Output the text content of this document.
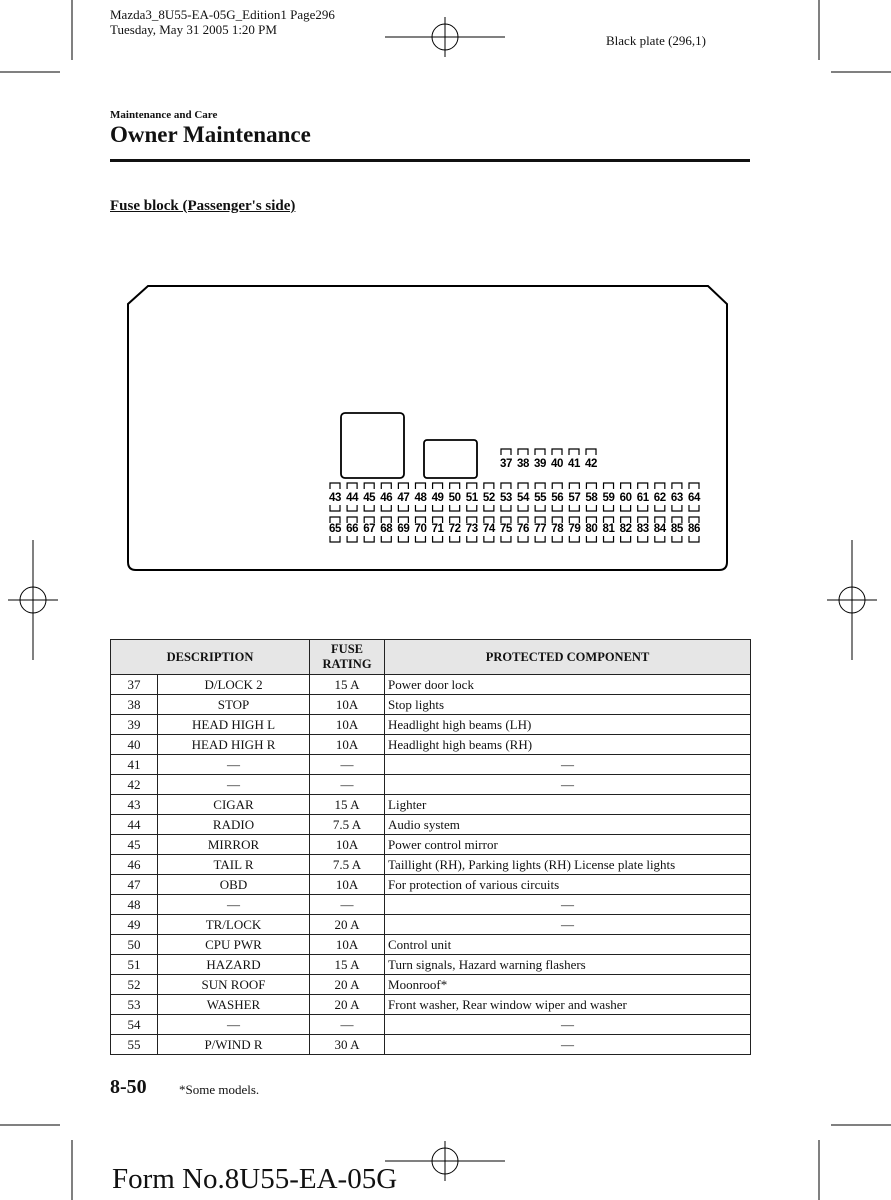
Mazda3_8U55-EA-05G_Edition1 Page296
Tuesday, May 31 2005 1:20 PM
Black plate (296,1)
Maintenance and Care
Owner Maintenance
Fuse block (Passenger's side)
37 38 39 40 41 42
43 44 45 46 47 48 49 50 51 52 53 54 55 56 57 58 59 60 61 62 63 64
65 66 67 68 69 70 71 72 73 74 75 76 77 78 79 80 81 82 83 84 85 86
DESCRIPTION		FUSE
RATING	PROTECTED COMPONENT
37	D/LOCK 2	15 A	Power door lock
38	STOP	10A	Stop lights
39	HEAD HIGH L	10A	Headlight high beams (LH)
40	HEAD HIGH R	10A	Headlight high beams (RH)
41	—	—	—
42	—	—	—
43	CIGAR	15 A	Lighter
44	RADIO	7.5 A	Audio system
45	MIRROR	10A	Power control mirror
46	TAIL R	7.5 A	Taillight (RH), Parking lights (RH) License plate lights
47	OBD	10A	For protection of various circuits
48	—	—	—
49	TR/LOCK	20 A	—
50	CPU PWR	10A	Control unit
51	HAZARD	15 A	Turn signals, Hazard warning flashers
52	SUN ROOF	20 A	Moonroof*
53	WASHER	20 A	Front washer, Rear window wiper and washer
54	—	—	—
55	P/WIND R	30 A	—
8-50 *Some models.
Form No.8U55-EA-05G
